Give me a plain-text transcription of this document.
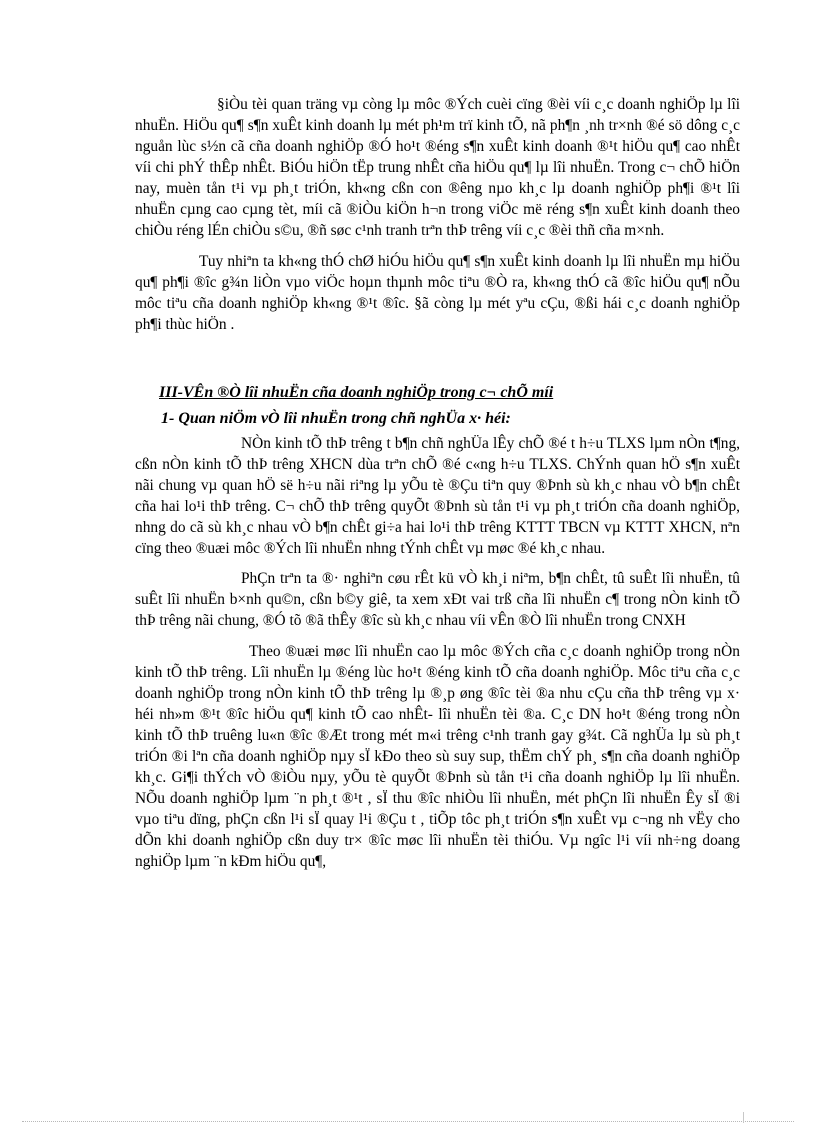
§iÒu tèi quan träng vµ còng lµ môc ®Ých cuèi cïng ®èi víi c¸c doanh nghiÖp lµ lîi nhuËn. HiÖu qu¶ s¶n xuÊt kinh doanh lµ mét ph¹m trï kinh tÕ, nã ph¶n ¸nh tr×nh ®é sö dông c¸c nguån lùc s½n cã cña doanh nghiÖp ®Ó ho¹t ®éng s¶n xuÊt kinh doanh ®¹t hiÖu qu¶ cao nhÊt víi chi phÝ thÊp nhÊt. BiÓu hiÖn tËp trung nhÊt cña hiÖu qu¶ lµ lîi nhuËn. Trong c¬ chÕ hiÖn nay, muèn tån t¹i vµ ph¸t triÓn, kh«ng cßn con ®êng nµo kh¸c lµ doanh nghiÖp ph¶i ®¹t lîi nhuËn cµng cao cµng tèt, míi cã ®iÒu kiÖn h¬n trong viÖc më réng s¶n xuÊt kinh doanh theo chiÒu réng lÉn chiÒu s©u, ®ñ søc c¹nh tranh trªn thÞ trêng víi c¸c ®èi thñ cña m×nh.

Tuy nhiªn ta kh«ng thÓ chØ hiÓu hiÖu qu¶ s¶n xuÊt kinh doanh lµ lîi nhuËn mµ hiÖu qu¶ ph¶i ®îc g¾n liÒn vµo viÖc hoµn thµnh môc tiªu ®Ò ra, kh«ng thÓ cã ®îc hiÖu qu¶ nÕu môc tiªu cña doanh nghiÖp kh«ng ®¹t ®îc. §ã còng lµ mét yªu cÇu, ®ßi hái c¸c doanh nghiÖp ph¶i thùc hiÖn .

III-VÊn ®Ò lîi nhuËn cña doanh nghiÖp trong c¬ chÕ míi
1- Quan niÖm vÒ lîi nhuËn trong chñ nghÜa x· héi:

NÒn kinh tÕ thÞ trêng t b¶n chñ nghÜa lÊy chÕ ®é t h÷u TLXS lµm nÒn t¶ng, cßn nÒn kinh tÕ thÞ trêng XHCN dùa trªn chÕ ®é c«ng h÷u TLXS. ChÝnh quan hÖ s¶n xuÊt nãi chung vµ quan hÖ së h÷u nãi riªng lµ yÕu tè ®Çu tiªn quy ®Þnh sù kh¸c nhau vÒ b¶n chÊt cña hai lo¹i thÞ trêng. C¬ chÕ thÞ trêng quyÕt ®Þnh sù tån t¹i vµ ph¸t triÓn cña doanh nghiÖp, nhng do cã sù kh¸c nhau vÒ b¶n chÊt gi÷a hai lo¹i thÞ trêng KTTT TBCN vµ KTTT XHCN, nªn cïng theo ®uæi môc ®Ých lîi nhuËn nhng tÝnh chÊt vµ møc ®é kh¸c nhau.

PhÇn trªn ta ®· nghiªn cøu rÊt kü vÒ kh¸i niªm, b¶n chÊt, tû suÊt lîi nhuËn, tû suÊt lîi nhuËn b×nh qu©n, cßn b©y giê, ta xem xÐt vai trß cña lîi nhuËn c¶ trong nÒn kinh tÕ thÞ trêng nãi chung, ®Ó tõ ®ã thÊy ®îc sù kh¸c nhau víi vÊn ®Ò lîi nhuËn trong CNXH

Theo ®uæi møc lîi nhuËn cao lµ môc ®Ých cña c¸c doanh nghiÖp trong nÒn kinh tÕ thÞ trêng. Lîi nhuËn lµ ®éng lùc ho¹t ®éng kinh tÕ cña doanh nghiÖp. Môc tiªu cña c¸c doanh nghiÖp trong nÒn kinh tÕ thÞ trêng lµ ®¸p øng ®îc tèi ®a nhu cÇu cña thÞ trêng vµ x· héi nh»m ®¹t ®îc hiÖu qu¶ kinh tÕ cao nhÊt- lîi nhuËn tèi ®a. C¸c DN ho¹t ®éng trong nÒn kinh tÕ thÞ truêng lu«n ®îc ®Æt trong mét m«i trêng c¹nh tranh gay g¾t. Cã nghÜa lµ sù ph¸t triÓn ®i lªn cña doanh nghiÖp nµy sÏ kÐo theo sù suy sup, thËm chÝ ph¸ s¶n cña doanh nghiÖp kh¸c. Gi¶i thÝch vÒ ®iÒu nµy, yÕu tè quyÕt ®Þnh sù tån t¹i cña doanh nghiÖp lµ lîi nhuËn. NÕu doanh nghiÖp lµm ¨n ph¸t ®¹t , sÏ thu ®îc nhiÒu lîi nhuËn, mét phÇn lîi nhuËn Êy sÏ ®i vµo tiªu dïng, phÇn cßn l¹i sÏ quay l¹i ®Çu t , tiÕp tôc ph¸t triÓn s¶n xuÊt vµ c¬ng nh vËy cho dÕn khi doanh nghiÖp cßn duy tr× ®îc møc lîi nhuËn tèi thiÓu. Vµ ngîc l¹i víi nh÷ng doang nghiÖp lµm ¨n kÐm hiÖu qu¶,
